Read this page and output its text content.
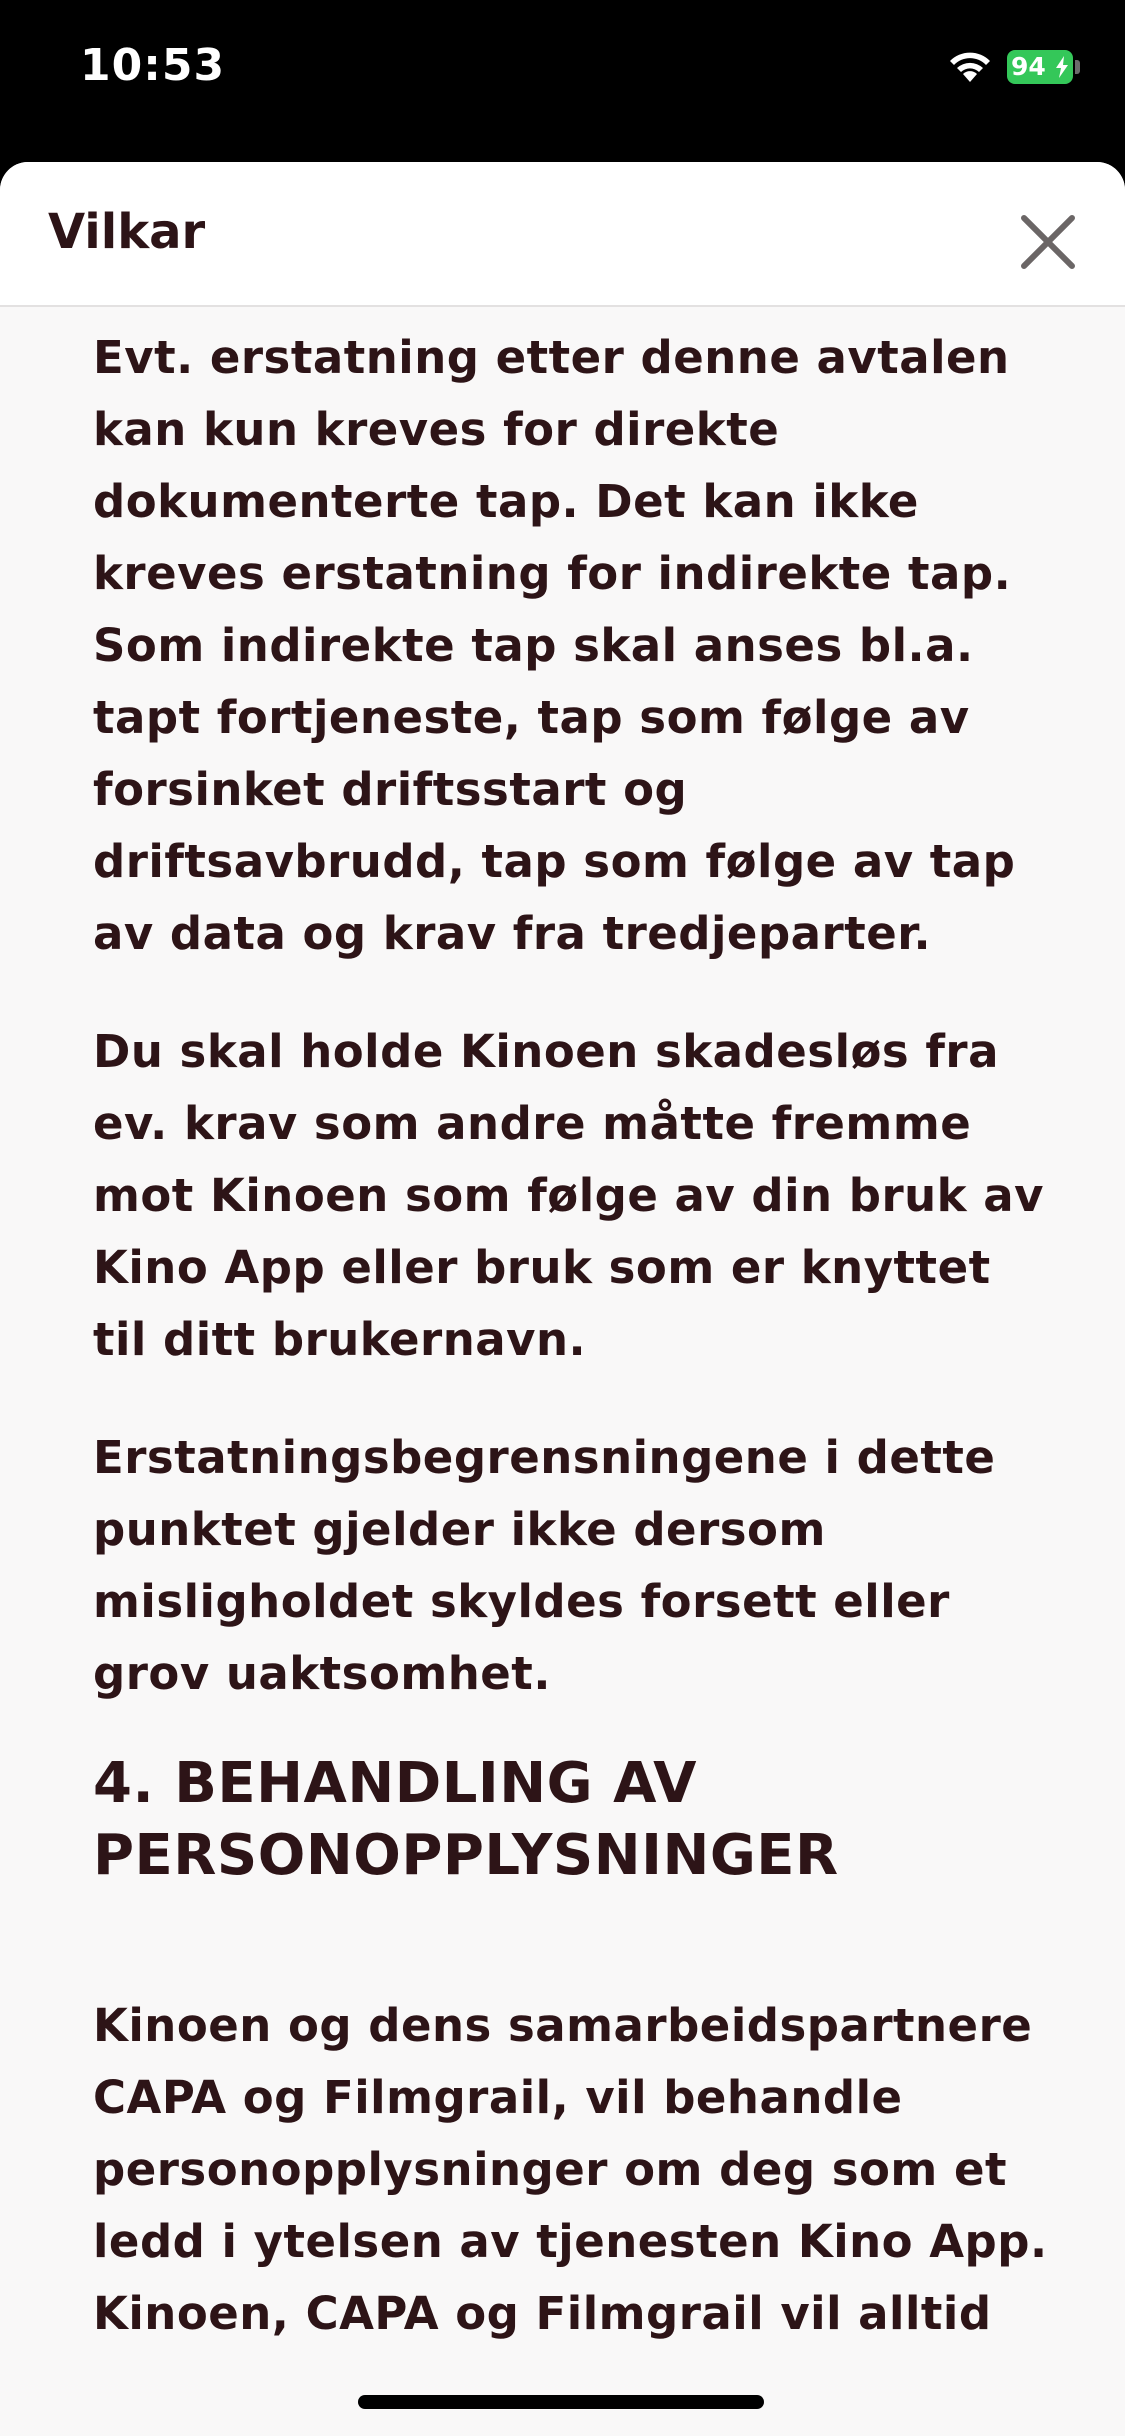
10:53	94
Vilkar

Evt. erstatning etter denne avtalen kan kun kreves for direkte dokumenterte tap. Det kan ikke kreves erstatning for indirekte tap. Som indirekte tap skal anses bl.a. tapt fortjeneste, tap som følge av forsinket driftsstart og driftsavbrudd, tap som følge av tap av data og krav fra tredjeparter.

Du skal holde Kinoen skadesløs fra ev. krav som andre måtte fremme mot Kinoen som følge av din bruk av Kino App eller bruk som er knyttet til ditt brukernavn.

Erstatningsbegrensningene i dette punktet gjelder ikke dersom misligholdet skyldes forsett eller grov uaktsomhet.

4. BEHANDLING AV PERSONOPPLYSNINGER

Kinoen og dens samarbeidspartnere CAPA og Filmgrail, vil behandle personopplysninger om deg som et ledd i ytelsen av tjenesten Kino App. Kinoen, CAPA og Filmgrail vil alltid
